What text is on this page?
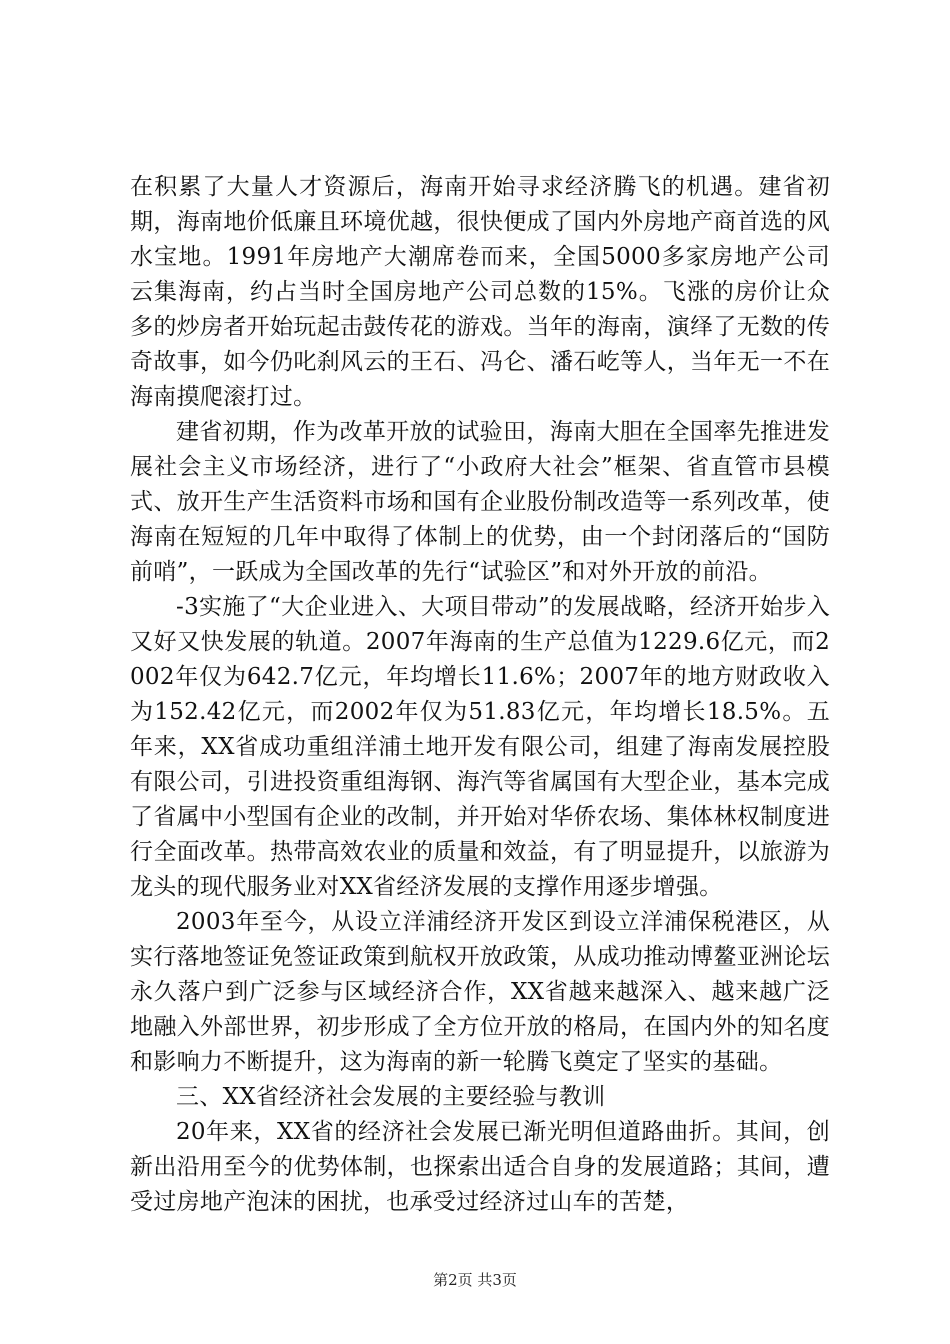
在积累了大量人才资源后，海南开始寻求经济腾飞的机遇。建省初期，海南地价低廉且环境优越，很快便成了国内外房地产商首选的风水宝地。1991年房地产大潮席卷而来，全国5000多家房地产公司云集海南，约占当时全国房地产公司总数的15%。飞涨的房价让众多的炒房者开始玩起击鼓传花的游戏。当年的海南，演绎了无数的传奇故事，如今仍叱刹风云的王石、冯仑、潘石屹等人，当年无一不在海南摸爬滚打过。

建省初期，作为改革开放的试验田，海南大胆在全国率先推进发展社会主义市场经济，进行了“小政府大社会”框架、省直管市县模式、放开生产生活资料市场和国有企业股份制改造等一系列改革，使海南在短短的几年中取得了体制上的优势，由一个封闭落后的“国防前哨”，一跃成为全国改革的先行“试验区”和对外开放的前沿。

-3实施了“大企业进入、大项目带动”的发展战略，经济开始步入又好又快发展的轨道。2007年海南的生产总值为1229.6亿元，而2002年仅为642.7亿元，年均增长11.6%；2007年的地方财政收入为152.42亿元，而2002年仅为51.83亿元，年均增长18.5%。五年来，XX省成功重组洋浦土地开发有限公司，组建了海南发展控股有限公司，引进投资重组海钢、海汽等省属国有大型企业，基本完成了省属中小型国有企业的改制，并开始对华侨农场、集体林权制度进行全面改革。热带高效农业的质量和效益，有了明显提升，以旅游为龙头的现代服务业对XX省经济发展的支撑作用逐步增强。

2003年至今，从设立洋浦经济开发区到设立洋浦保税港区，从实行落地签证免签证政策到航权开放政策，从成功推动博鳌亚洲论坛永久落户到广泛参与区域经济合作，XX省越来越深入、越来越广泛地融入外部世界，初步形成了全方位开放的格局，在国内外的知名度和影响力不断提升，这为海南的新一轮腾飞奠定了坚实的基础。

三、XX省经济社会发展的主要经验与教训

20年来，XX省的经济社会发展已渐光明但道路曲折。其间，创新出沿用至今的优势体制，也探索出适合自身的发展道路；其间，遭受过房地产泡沫的困扰，也承受过经济过山车的苦楚，

第2页 共3页
